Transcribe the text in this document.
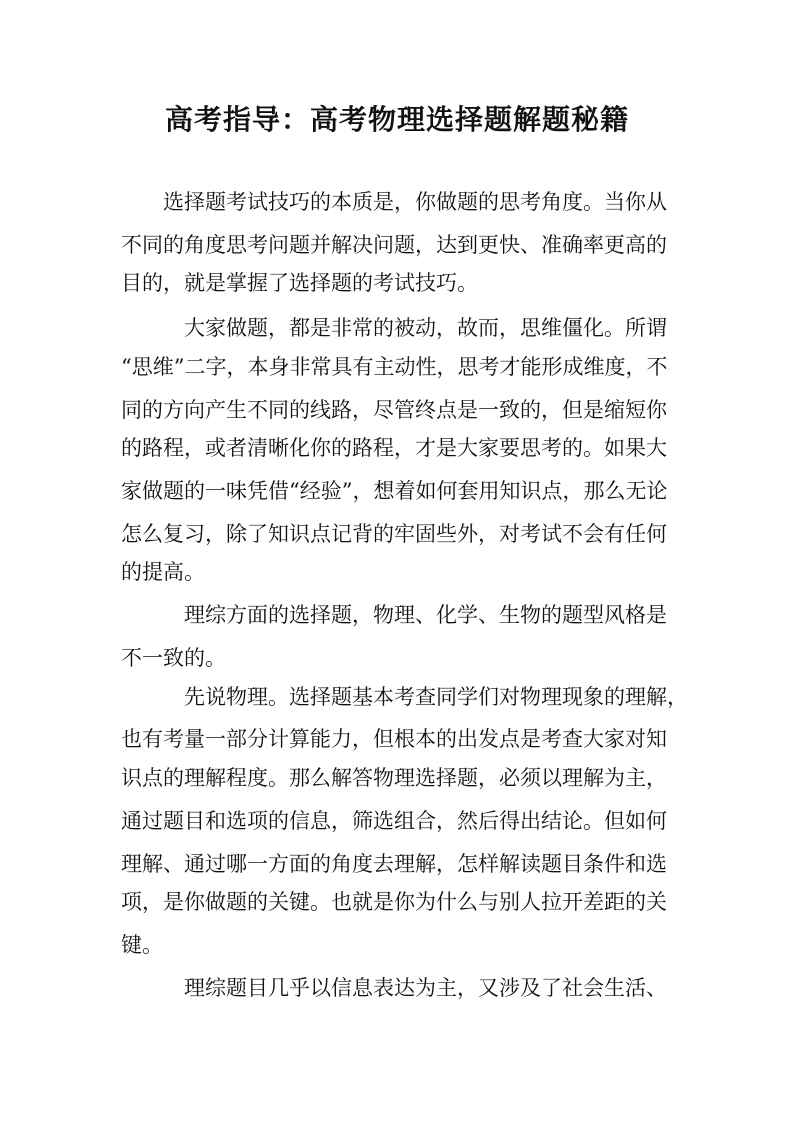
高考指导：高考物理选择题解题秘籍
选择题考试技巧的本质是，你做题的思考角度。当你从
不同的角度思考问题并解决问题，达到更快、准确率更高的
目的，就是掌握了选择题的考试技巧。
大家做题，都是非常的被动，故而，思维僵化。所谓
“思维”二字，本身非常具有主动性，思考才能形成维度，不
同的方向产生不同的线路，尽管终点是一致的，但是缩短你
的路程，或者清晰化你的路程，才是大家要思考的。如果大
家做题的一味凭借“经验”，想着如何套用知识点，那么无论
怎么复习，除了知识点记背的牢固些外，对考试不会有任何
的提高。
理综方面的选择题，物理、化学、生物的题型风格是
不一致的。
先说物理。选择题基本考查同学们对物理现象的理解，
也有考量一部分计算能力，但根本的出发点是考查大家对知
识点的理解程度。那么解答物理选择题，必须以理解为主，
通过题目和选项的信息，筛选组合，然后得出结论。但如何
理解、通过哪一方面的角度去理解，怎样解读题目条件和选
项，是你做题的关键。也就是你为什么与别人拉开差距的关
键。
理综题目几乎以信息表达为主，又涉及了社会生活、
